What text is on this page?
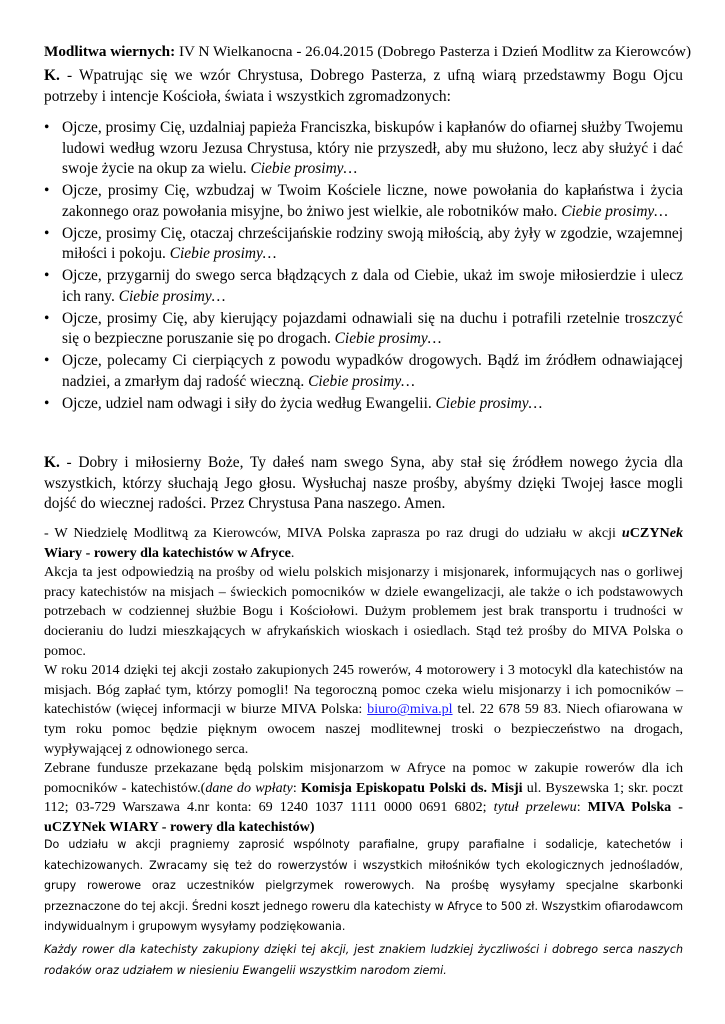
Modlitwa wiernych: IV N Wielkanocna - 26.04.2015 (Dobrego Pasterza i Dzień Modlitw za Kierowców)
K. - Wpatrując się we wzór Chrystusa, Dobrego Pasterza, z ufną wiarą przedstawmy Bogu Ojcu potrzeby i intencje Kościoła, świata i wszystkich zgromadzonych:
• Ojcze, prosimy Cię, uzdalniaj papieża Franciszka, biskupów i kapłanów do ofiarnej służby Twojemu ludowi według wzoru Jezusa Chrystusa, który nie przyszedł, aby mu służono, lecz aby służyć i dać swoje życie na okup za wielu. Ciebie prosimy…
• Ojcze, prosimy Cię, wzbudzaj w Twoim Kościele liczne, nowe powołania do kapłaństwa i życia zakonnego oraz powołania misyjne, bo żniwo jest wielkie, ale robotników mało. Ciebie prosimy…
• Ojcze, prosimy Cię, otaczaj chrześcijańskie rodziny swoją miłością, aby żyły w zgodzie, wzajemnej miłości i pokoju. Ciebie prosimy…
• Ojcze, przygarnij do swego serca błądzących z dala od Ciebie, ukaż im swoje miłosierdzie i ulecz ich rany. Ciebie prosimy…
• Ojcze, prosimy Cię, aby kierujący pojazdami odnawiali się na duchu i potrafili rzetelnie troszczyć się o bezpieczne poruszanie się po drogach. Ciebie prosimy…
• Ojcze, polecamy Ci cierpiących z powodu wypadków drogowych. Bądź im źródłem odnawiającej nadziei, a zmarłym daj radość wieczną. Ciebie prosimy…
• Ojcze, udziel nam odwagi i siły do życia według Ewangelii. Ciebie prosimy…
K. - Dobry i miłosierny Boże, Ty dałeś nam swego Syna, aby stał się źródłem nowego życia dla wszystkich, którzy słuchają Jego głosu. Wysłuchaj nasze prośby, abyśmy dzięki Twojej łasce mogli dojść do wiecznej radości. Przez Chrystusa Pana naszego. Amen.

- W Niedzielę Modlitwą za Kierowców, MIVA Polska zaprasza po raz drugi do udziału w akcji uCZYNek Wiary - rowery dla katechistów w Afryce.

Akcja ta jest odpowiedzią na prośby od wielu polskich misjonarzy i misjonarek, informujących nas o gorliwej pracy katechistów na misjach – świeckich pomocników w dziele ewangelizacji, ale także o ich podstawowych potrzebach w codziennej służbie Bogu i Kościołowi. Dużym problemem jest brak transportu i trudności w docieraniu do ludzi mieszkających w afrykańskich wioskach i osiedlach. Stąd też prośby do MIVA Polska o pomoc.

W roku 2014 dzięki tej akcji zostało zakupionych 245 rowerów, 4 motorowery i 3 motocykl dla katechistów na misjach. Bóg zapłać tym, którzy pomogli! Na tegoroczną pomoc czeka wielu misjonarzy i ich pomocników – katechistów (więcej informacji w biurze MIVA Polska: biuro@miva.pl tel. 22 678 59 83. Niech ofiarowana w tym roku pomoc będzie pięknym owocem naszej modlitewnej troski o bezpieczeństwo na drogach, wypływającej z odnowionego serca.

Zebrane fundusze przekazane będą polskim misjonarzom w Afryce na pomoc w zakupie rowerów dla ich pomocników - katechistów.(dane do wpłaty: Komisja Episkopatu Polski ds. Misji ul. Byszewska 1; skr. poczt 112; 03-729 Warszawa 4.nr konta: 69 1240 1037 1111 0000 0691 6802; tytuł przelewu: MIVA Polska - uCZYNek WIARY - rowery dla katechistów)

Do udziału w akcji pragniemy zaprosić wspólnoty parafialne, grupy parafialne i sodalicje, katechetów i katechizowanych. Zwracamy się też do rowerzystów i wszystkich miłośników tych ekologicznych jednośladów, grupy rowerowe oraz uczestników pielgrzymek rowerowych. Na prośbę wysyłamy specjalne skarbonki przeznaczone do tej akcji. Średni koszt jednego roweru dla katechisty w Afryce to 500 zł. Wszystkim ofiarodawcom indywidualnym i grupowym wysyłamy podziękowania.
Każdy rower dla katechisty zakupiony dzięki tej akcji, jest znakiem ludzkiej życzliwości i dobrego serca naszych rodaków oraz udziałem w niesieniu Ewangelii wszystkim narodom ziemi.
